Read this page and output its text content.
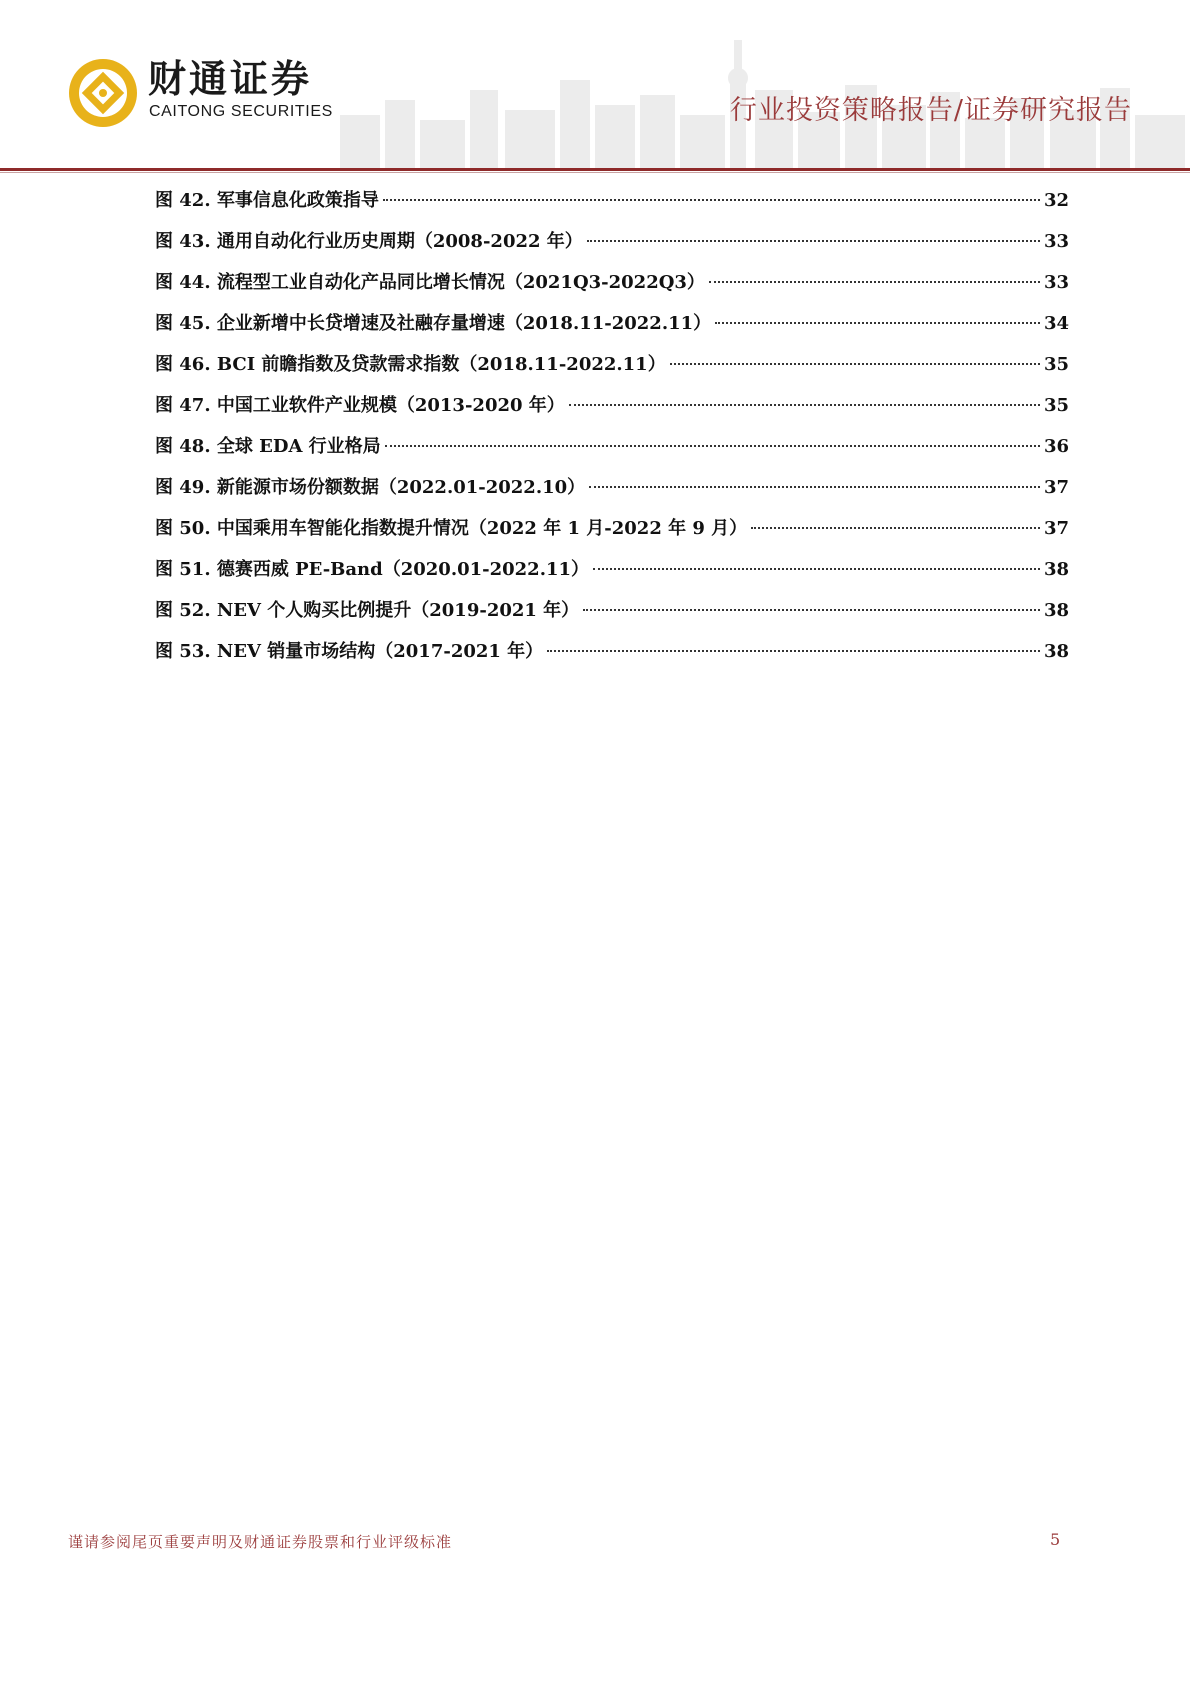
财通证券
CAITONG SECURITIES	行业投资策略报告/证券研究报告
图 42. 军事信息化政策指导	32
图 43. 通用自动化行业历史周期（2008-2022 年）	33
图 44. 流程型工业自动化产品同比增长情况（2021Q3-2022Q3）	33
图 45. 企业新增中长贷增速及社融存量增速（2018.11-2022.11）	34
图 46. BCI 前瞻指数及贷款需求指数（2018.11-2022.11）	35
图 47. 中国工业软件产业规模（2013-2020 年）	35
图 48. 全球 EDA 行业格局	36
图 49. 新能源市场份额数据（2022.01-2022.10）	37
图 50. 中国乘用车智能化指数提升情况（2022 年 1 月-2022 年 9 月）	37
图 51. 德赛西威 PE-Band（2020.01-2022.11）	38
图 52. NEV 个人购买比例提升（2019-2021 年）	38
图 53. NEV 销量市场结构（2017-2021 年）	38
谨请参阅尾页重要声明及财通证券股票和行业评级标准	5
